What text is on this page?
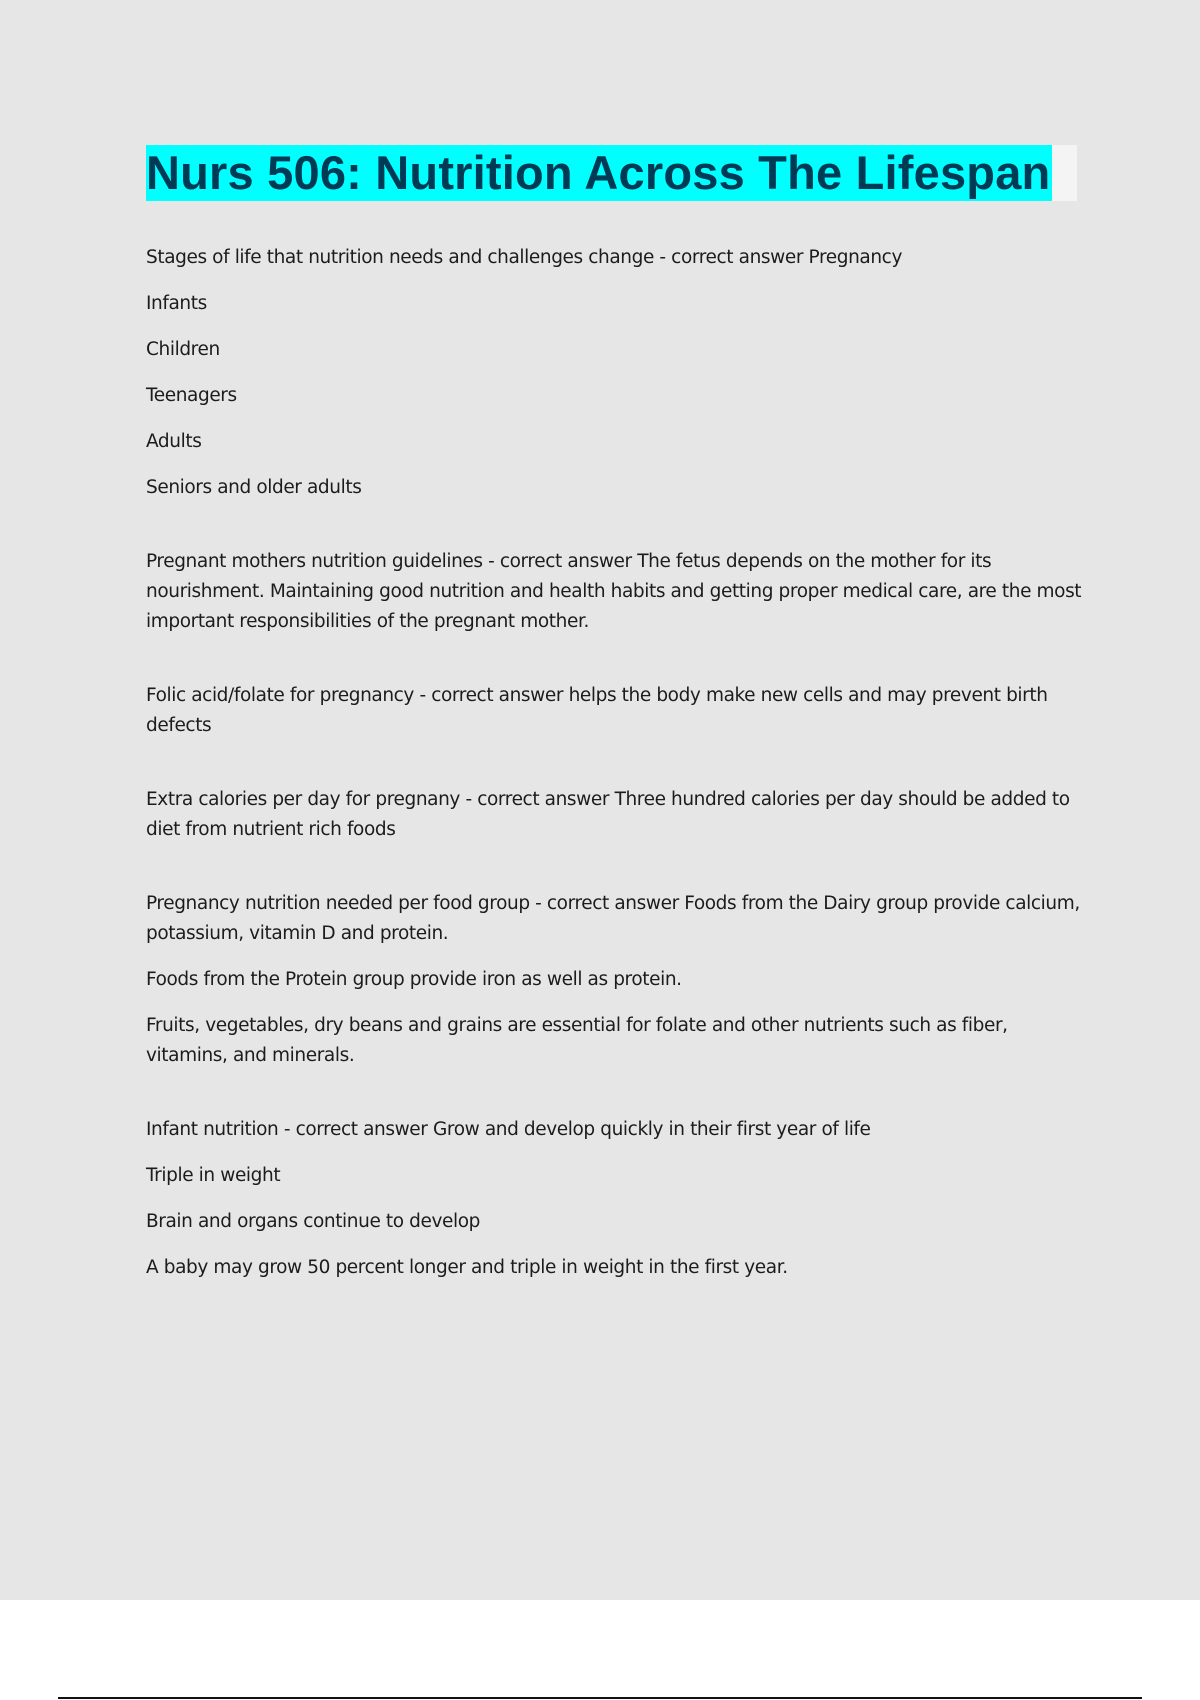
Nurs 506: Nutrition Across The Lifespan

Stages of life that nutrition needs and challenges change - correct answer Pregnancy

Infants

Children

Teenagers

Adults

Seniors and older adults

Pregnant mothers nutrition guidelines - correct answer The fetus depends on the mother for its nourishment. Maintaining good nutrition and health habits and getting proper medical care, are the most important responsibilities of the pregnant mother.

Folic acid/folate for pregnancy - correct answer helps the body make new cells and may prevent birth defects

Extra calories per day for pregnany - correct answer Three hundred calories per day should be added to diet from nutrient rich foods

Pregnancy nutrition needed per food group - correct answer Foods from the Dairy group provide calcium, potassium, vitamin D and protein.

Foods from the Protein group provide iron as well as protein.

Fruits, vegetables, dry beans and grains are essential for folate and other nutrients such as fiber, vitamins, and minerals.

Infant nutrition - correct answer Grow and develop quickly in their first year of life

Triple in weight

Brain and organs continue to develop

A baby may grow 50 percent longer and triple in weight in the first year.
